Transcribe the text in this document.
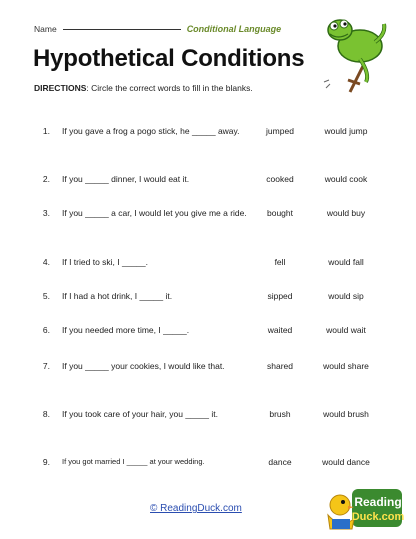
Name	Conditional Language
Hypothetical Conditions
DIRECTIONS: Circle the correct words to fill in the blanks.
1. If you gave a frog a pogo stick, he _____ away.	jumped	would jump
2. If you _____ dinner, I would eat it.	cooked	would cook
3. If you _____ a car, I would let you give me a ride.	bought	would buy
4. If I tried to ski, I _____.	fell	would fall
5. If I had a hot drink, I _____ it.	sipped	would sip
6. If you needed more time, I _____.	waited	would wait
7. If you _____ your cookies, I would like that.	shared	would share
8. If you took care of your hair, you _____ it.	brush	would brush
9. If you got married I _____ at your wedding.	dance	would dance
© ReadingDuck.com	Reading
Duck.com
